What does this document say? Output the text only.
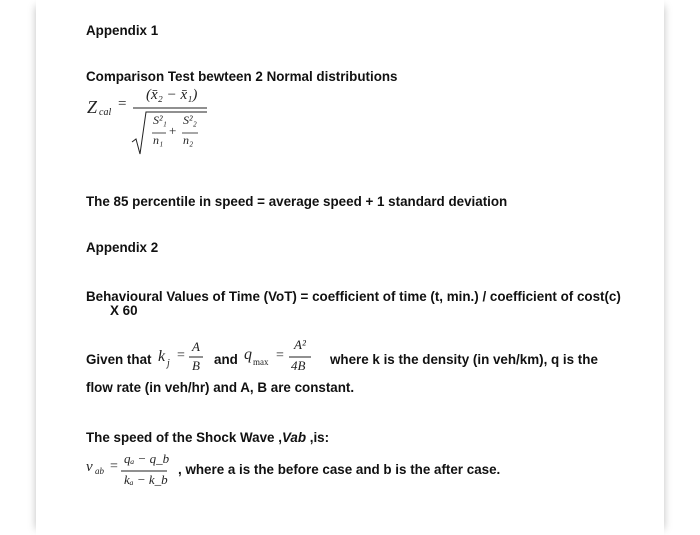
Appendix 1
Comparison Test bewteen 2 Normal distributions
Z cal
=
(x̄₂ − x̄₁)
S²₁
n₁
+
S²₂
n₂
The 85 percentile in speed = average speed + 1 standard deviation
Appendix 2
Behavioural Values of Time (VoT) = coefficient of time (t, min.) / coefficient of cost(c)
X 60
Given that k j
=
A
B and q max =
A²
4B where k is the density (in veh/km), q is the
flow rate (in veh/hr) and A, B are constant.
The speed of the Shock Wave ,Vab ,is:
v ab =
qₐ − q_b
kₐ − k_b
, where a is the before case and b is the after case.
